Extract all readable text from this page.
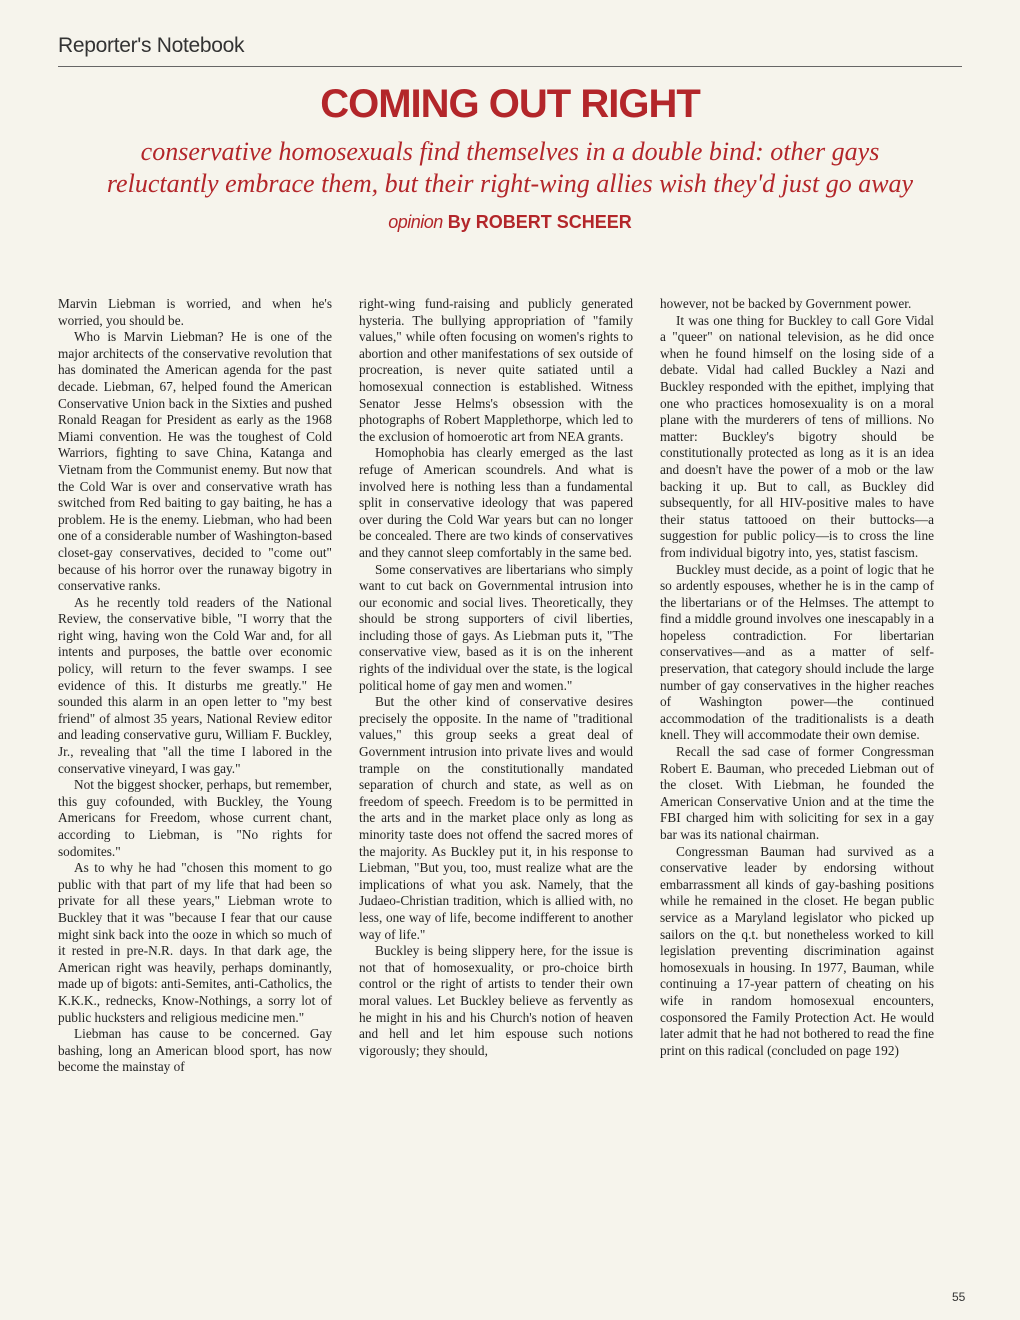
Reporter's Notebook
COMING OUT RIGHT

conservative homosexuals find themselves in a double bind: other gays reluctantly embrace them, but their right-wing allies wish they'd just go away

opinion By ROBERT SCHEER

Marvin Liebman is worried, and when he's worried, you should be.

Who is Marvin Liebman? He is one of the major architects of the conservative revolution that has dominated the American agenda for the past decade. Liebman, 67, helped found the American Conservative Union back in the Sixties and pushed Ronald Reagan for President as early as the 1968 Miami convention. He was the toughest of Cold Warriors, fighting to save China, Katanga and Vietnam from the Communist enemy. But now that the Cold War is over and conservative wrath has switched from Red baiting to gay baiting, he has a problem. He is the enemy. Liebman, who had been one of a considerable number of Washington-based closet-gay conservatives, decided to "come out" because of his horror over the runaway bigotry in conservative ranks.

As he recently told readers of the National Review, the conservative bible, "I worry that the right wing, having won the Cold War and, for all intents and purposes, the battle over economic policy, will return to the fever swamps. I see evidence of this. It disturbs me greatly." He sounded this alarm in an open letter to "my best friend" of almost 35 years, National Review editor and leading conservative guru, William F. Buckley, Jr., revealing that "all the time I labored in the conservative vineyard, I was gay."

Not the biggest shocker, perhaps, but remember, this guy cofounded, with Buckley, the Young Americans for Freedom, whose current chant, according to Liebman, is "No rights for sodomites."

As to why he had "chosen this moment to go public with that part of my life that had been so private for all these years," Liebman wrote to Buckley that it was "because I fear that our cause might sink back into the ooze in which so much of it rested in pre-N.R. days. In that dark age, the American right was heavily, perhaps dominantly, made up of bigots: anti-Semites, anti-Catholics, the K.K.K., rednecks, Know-Nothings, a sorry lot of public hucksters and religious medicine men."

Liebman has cause to be concerned. Gay bashing, long an American blood sport, has now become the mainstay of

right-wing fund-raising and publicly generated hysteria. The bullying appropriation of "family values," while often focusing on women's rights to abortion and other manifestations of sex outside of procreation, is never quite satiated until a homosexual connection is established. Witness Senator Jesse Helms's obsession with the photographs of Robert Mapplethorpe, which led to the exclusion of homoerotic art from NEA grants.

Homophobia has clearly emerged as the last refuge of American scoundrels. And what is involved here is nothing less than a fundamental split in conservative ideology that was papered over during the Cold War years but can no longer be concealed. There are two kinds of conservatives and they cannot sleep comfortably in the same bed.

Some conservatives are libertarians who simply want to cut back on Governmental intrusion into our economic and social lives. Theoretically, they should be strong supporters of civil liberties, including those of gays. As Liebman puts it, "The conservative view, based as it is on the inherent rights of the individual over the state, is the logical political home of gay men and women."

But the other kind of conservative desires precisely the opposite. In the name of "traditional values," this group seeks a great deal of Government intrusion into private lives and would trample on the constitutionally mandated separation of church and state, as well as on freedom of speech. Freedom is to be permitted in the arts and in the market place only as long as minority taste does not offend the sacred mores of the majority. As Buckley put it, in his response to Liebman, "But you, too, must realize what are the implications of what you ask. Namely, that the Judaeo-Christian tradition, which is allied with, no less, one way of life, become indifferent to another way of life."

Buckley is being slippery here, for the issue is not that of homosexuality, or pro-choice birth control or the right of artists to tender their own moral values. Let Buckley believe as fervently as he might in his and his Church's notion of heaven and hell and let him espouse such notions vigorously; they should,

however, not be backed by Government power.

It was one thing for Buckley to call Gore Vidal a "queer" on national television, as he did once when he found himself on the losing side of a debate. Vidal had called Buckley a Nazi and Buckley responded with the epithet, implying that one who practices homosexuality is on a moral plane with the murderers of tens of millions. No matter: Buckley's bigotry should be constitutionally protected as long as it is an idea and doesn't have the power of a mob or the law backing it up. But to call, as Buckley did subsequently, for all HIV-positive males to have their status tattooed on their buttocks—a suggestion for public policy—is to cross the line from individual bigotry into, yes, statist fascism.

Buckley must decide, as a point of logic that he so ardently espouses, whether he is in the camp of the libertarians or of the Helmses. The attempt to find a middle ground involves one inescapably in a hopeless contradiction. For libertarian conservatives—and as a matter of self-preservation, that category should include the large number of gay conservatives in the higher reaches of Washington power—the continued accommodation of the traditionalists is a death knell. They will accommodate their own demise.

Recall the sad case of former Congressman Robert E. Bauman, who preceded Liebman out of the closet. With Liebman, he founded the American Conservative Union and at the time the FBI charged him with soliciting for sex in a gay bar was its national chairman.

Congressman Bauman had survived as a conservative leader by endorsing without embarrassment all kinds of gay-bashing positions while he remained in the closet. He began public service as a Maryland legislator who picked up sailors on the q.t. but nonetheless worked to kill legislation preventing discrimination against homosexuals in housing. In 1977, Bauman, while continuing a 17-year pattern of cheating on his wife in random homosexual encounters, cosponsored the Family Protection Act. He would later admit that he had not bothered to read the fine print on this radical (concluded on page 192)

55
